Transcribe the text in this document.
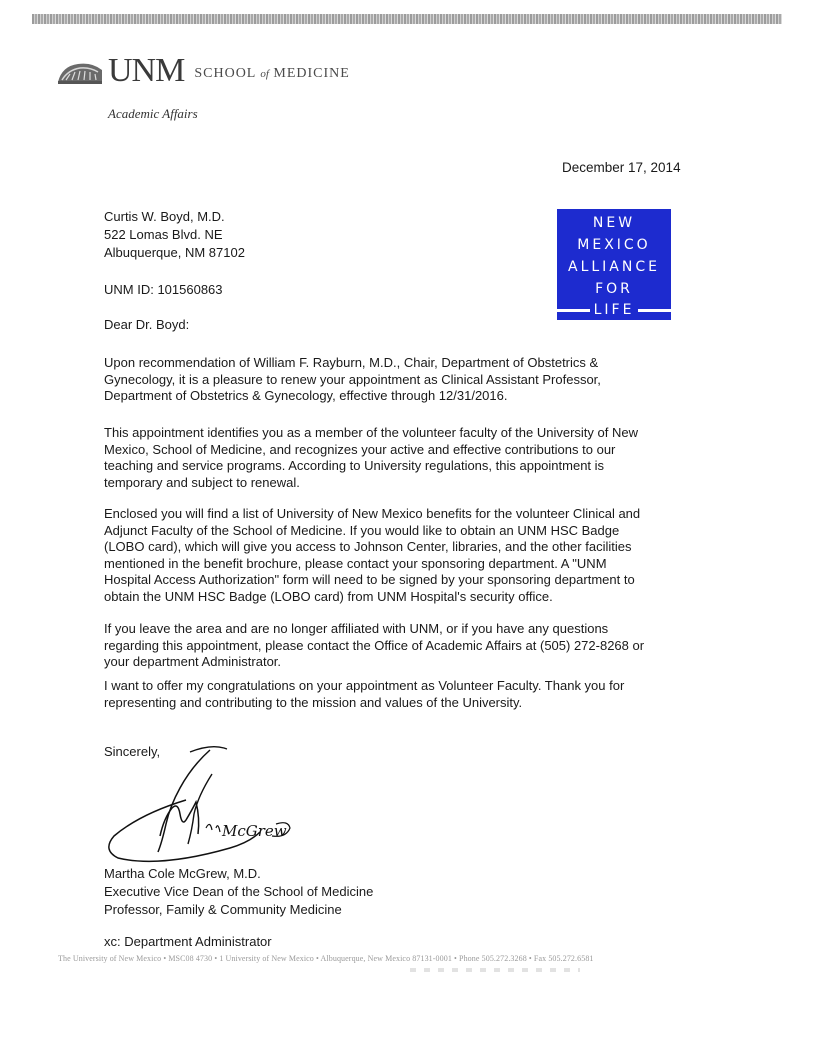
UNM SCHOOL of MEDICINE
Academic Affairs
December 17, 2014
Curtis W. Boyd, M.D.
522 Lomas Blvd. NE
Albuquerque, NM 87102
UNM ID: 101560863
NEW
MEXICO
ALLIANCE
FOR
LIFE
Dear Dr. Boyd:
Upon recommendation of William F. Rayburn, M.D., Chair, Department of Obstetrics &
Gynecology, it is a pleasure to renew your appointment as Clinical Assistant Professor,
Department of Obstetrics & Gynecology, effective through 12/31/2016.
This appointment identifies you as a member of the volunteer faculty of the University of New
Mexico, School of Medicine, and recognizes your active and effective contributions to our
teaching and service programs. According to University regulations, this appointment is
temporary and subject to renewal.
Enclosed you will find a list of University of New Mexico benefits for the volunteer Clinical and
Adjunct Faculty of the School of Medicine. If you would like to obtain an UNM HSC Badge
(LOBO card), which will give you access to Johnson Center, libraries, and the other facilities
mentioned in the benefit brochure, please contact your sponsoring department. A "UNM
Hospital Access Authorization" form will need to be signed by your sponsoring department to
obtain the UNM HSC Badge (LOBO card) from UNM Hospital's security office.
If you leave the area and are no longer affiliated with UNM, or if you have any questions
regarding this appointment, please contact the Office of Academic Affairs at (505) 272-8268 or
your department Administrator.
I want to offer my congratulations on your appointment as Volunteer Faculty. Thank you for
representing and contributing to the mission and values of the University.
Sincerely,
McGrew
Martha Cole McGrew, M.D.
Executive Vice Dean of the School of Medicine
Professor, Family & Community Medicine
xc: Department Administrator
The University of New Mexico • MSC08 4730 • 1 University of New Mexico • Albuquerque, New Mexico 87131-0001 • Phone 505.272.3268 • Fax 505.272.6581
